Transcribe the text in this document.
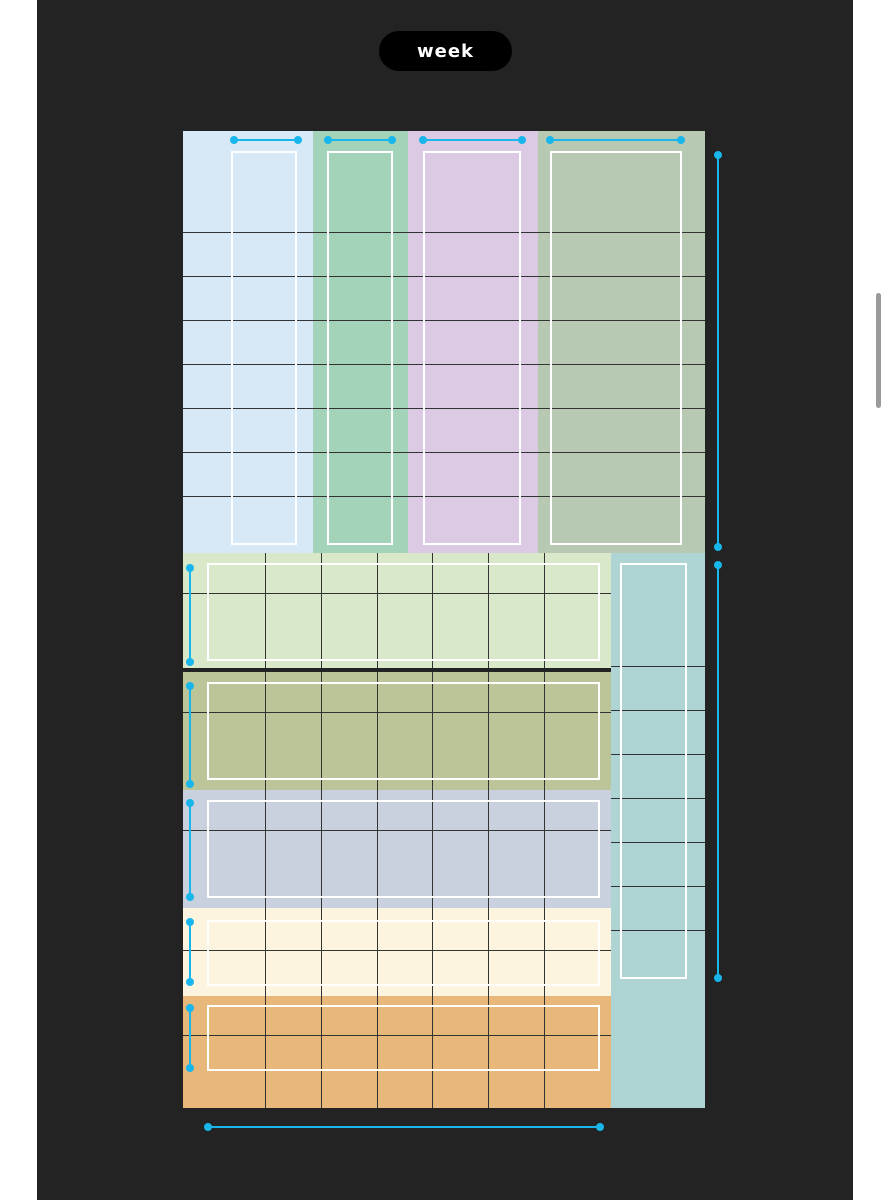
week
